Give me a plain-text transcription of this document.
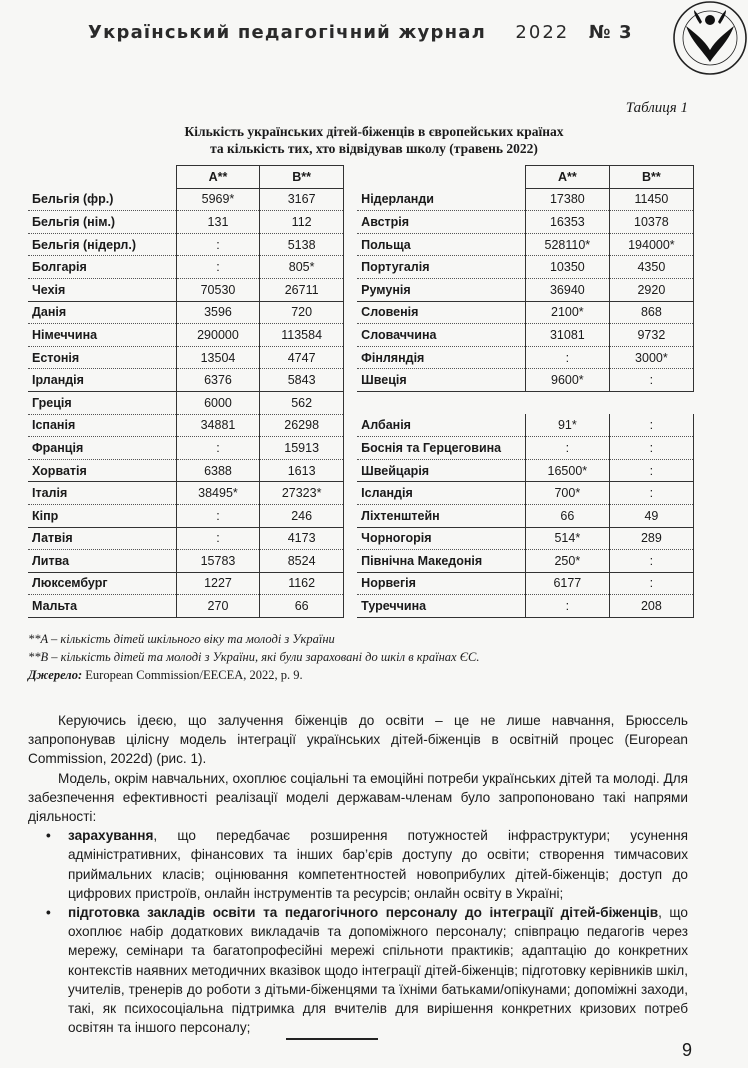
Український педагогічний журнал 2022 № 3
Таблиця 1
Кількість українських дітей-біженців в європейських країнах
та кількість тих, хто відвідував школу (травень 2022)
	A**	B**			A**	B**
Бельгія (фр.)	5969*	3167		Нідерланди	17380	11450
Бельгія (нім.)	131	112		Австрія	16353	10378
Бельгія (нідерл.)	:	5138		Польща	528110*	194000*
Болгарія	:	805*		Португалія	10350	4350
Чехія	70530	26711		Румунія	36940	2920
Данія	3596	720		Словенія	2100*	868
Німеччина	290000	113584		Словаччина	31081	9732
Естонія	13504	4747		Фінляндія	:	3000*
Ірландія	6376	5843		Швеція	9600*	:
Греція	6000	562				
Іспанія	34881	26298		Албанія	91*	:
Франція	:	15913		Боснія та Герцеговина	:	:
Хорватія	6388	1613		Швейцарія	16500*	:
Італія	38495*	27323*		Ісландія	700*	:
Кіпр	:	246		Ліхтенштейн	66	49
Латвія	:	4173		Чорногорія	514*	289
Литва	15783	8524		Північна Македонія	250*	:
Люксембург	1227	1162		Норвегія	6177	:
Мальта	270	66		Туреччина	:	208
**A – кількість дітей шкільного віку та молоді з України
**B – кількість дітей та молоді з України, які були зараховані до шкіл в країнах ЄС.
Джерело: European Commission/EECEA, 2022, p. 9.

Керуючись ідеєю, що залучення біженців до освіти – це не лише навчання, Брюссель запропонував цілісну модель інтеграції українських дітей-біженців в освітній процес (European Commission, 2022d) (рис. 1).

Модель, окрім навчальних, охоплює соціальні та емоційні потреби українських дітей та молоді. Для забезпечення ефективності реалізації моделі державам-членам було запропоновано такі напрями діяльності:

• зарахування, що передбачає розширення потужностей інфраструктури; усунення адміністративних, фінансових та інших бар’єрів доступу до освіти; створення тимчасових приймальних класів; оцінювання компетентностей новоприбулих дітей-біженців; доступ до цифрових пристроїв, онлайн інструментів та ресурсів; онлайн освіту в Україні;
• підготовка закладів освіти та педагогічного персоналу до інтеграції дітей-біженців, що охоплює набір додаткових викладачів та допоміжного персоналу; співпрацю педагогів через мережу, семінари та багатопрофесійні мережі спільноти практиків; адаптацію до конкретних контекстів наявних методичних вказівок щодо інтеграції дітей-біженців; підготовку керівників шкіл, учителів, тренерів до роботи з дітьми-біженцями та їхніми батьками/опікунами; допоміжні заходи, такі, як психосоціальна підтримка для вчителів для вирішення конкретних кризових потреб освітян та іншого персоналу;
9
